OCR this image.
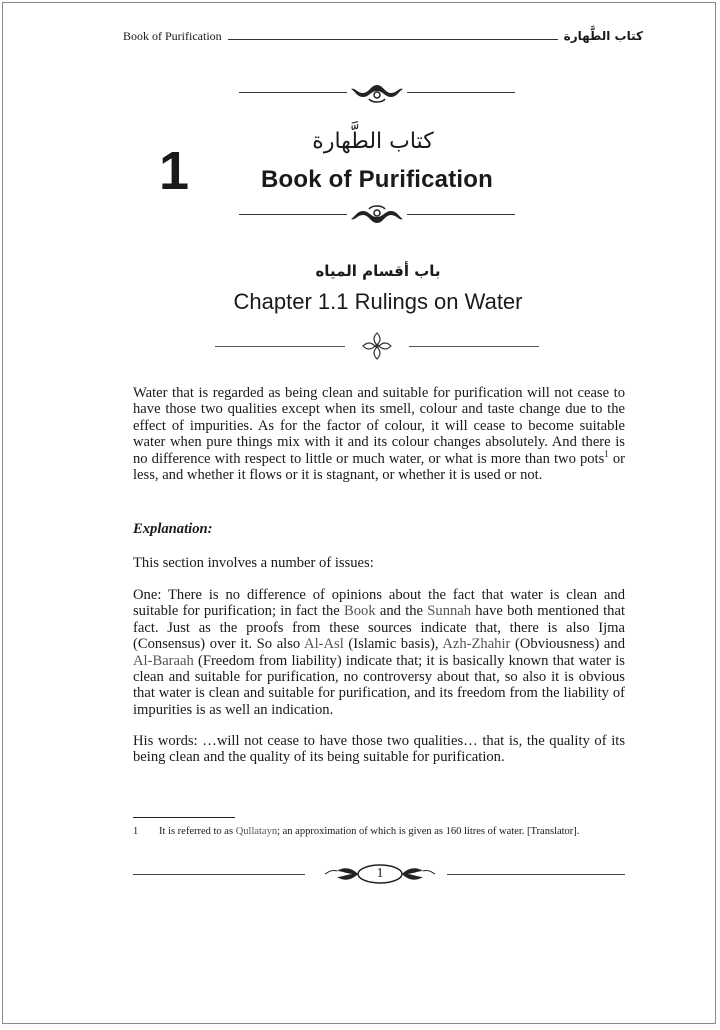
Book of Purification	كتاب الطَّهارة
1	كتاب الطَّهارة
Book of Purification
باب أقسام المياه
Chapter 1.1 Rulings on Water

Water that is regarded as being clean and suitable for purification will not cease to have those two qualities except when its smell, colour and taste change due to the effect of impurities. As for the factor of colour, it will cease to become suitable water when pure things mix with it and its colour changes absolutely. And there is no difference with respect to little or much water, or what is more than two pots$^1$ or less, and whether it flows or it is stagnant, or whether it is used or not.

Explanation:

This section involves a number of issues:

One: There is no difference of opinions about the fact that water is clean and suitable for purification; in fact the Book and the Sunnah have both mentioned that fact. Just as the proofs from these sources indicate that, there is also Ijma (Consensus) over it. So also Al-Asl (Islamic basis), Azh-Zhahir (Obviousness) and Al-Baraah (Freedom from liability) indicate that; it is basically known that water is clean and suitable for purification, no controversy about that, so also it is obvious that water is clean and suitable for purification, and its freedom from the liability of impurities is as well an indication.

His words: …will not cease to have those two qualities… that is, the quality of its being clean and the quality of its being suitable for purification.

1 It is referred to as Qullatayn; an approximation of which is given as 160 litres of water. [Translator].
1
